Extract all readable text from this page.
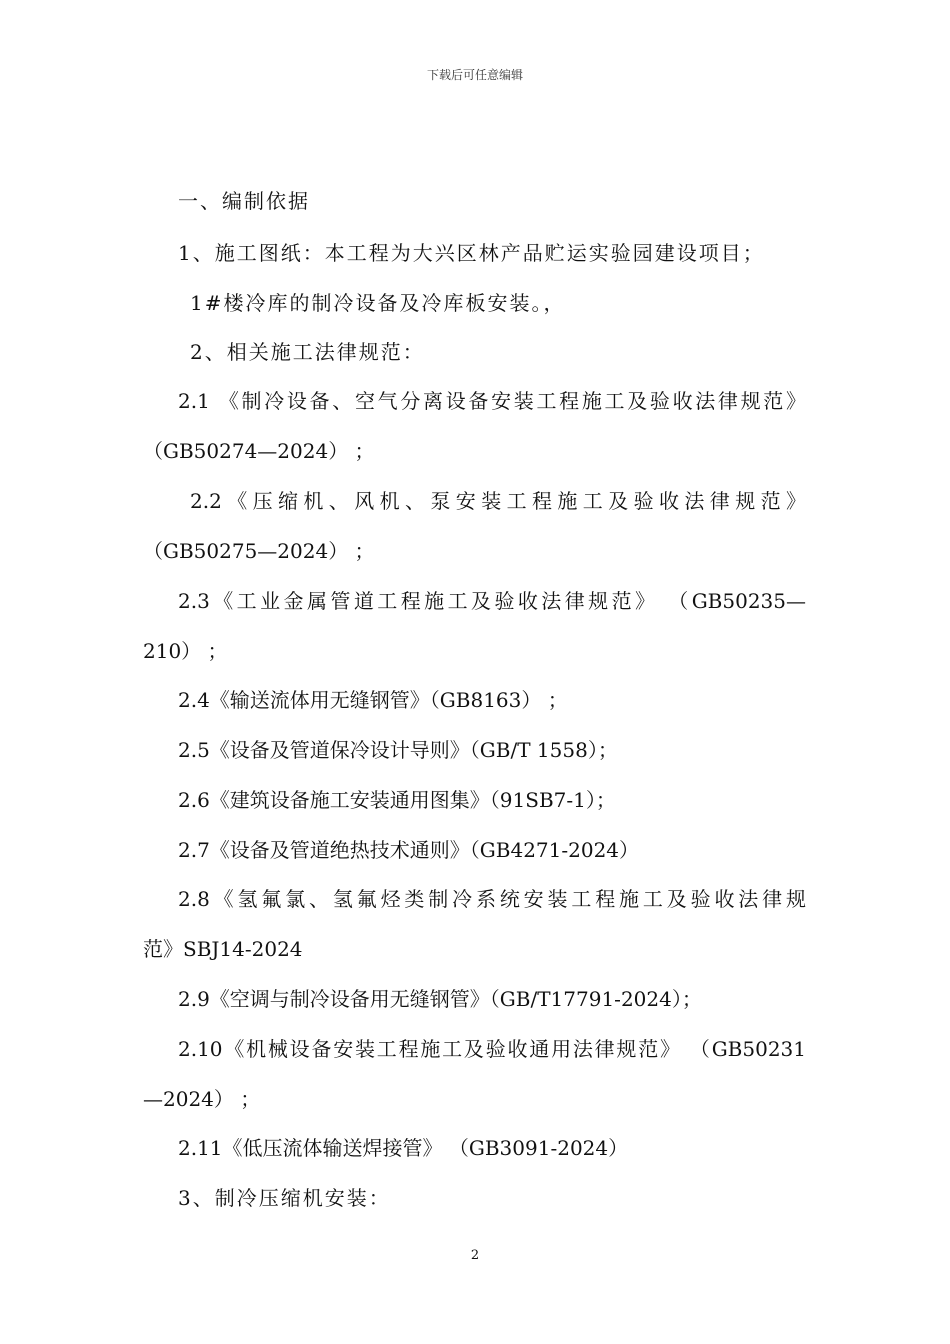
下载后可任意编辑
一、编制依据
1、施工图纸：本工程为大兴区林产品贮运实验园建设项目；
1#楼冷库的制冷设备及冷库板安装。，
2、相关施工法律规范：
2.1 《制冷设备、空气分离设备安装工程施工及验收法律规范》
（GB50274—2024） ；
2.2《压缩机、风机、泵安装工程施工及验收法律规范》
（GB50275—2024） ；
2.3《工业金属管道工程施工及验收法律规范》 （GB50235—
210） ；
2.4《输送流体用无缝钢管》（GB8163） ；
2.5《设备及管道保冷设计导则》（GB/T 1558）；
2.6《建筑设备施工安装通用图集》（91SB7-1）；
2.7《设备及管道绝热技术通则》（GB4271-2024）
2.8《氢氟氯、氢氟烃类制冷系统安装工程施工及验收法律规
范》SBJ14-2024
2.9《空调与制冷设备用无缝钢管》（GB/T17791-2024）；
2.10《机械设备安装工程施工及验收通用法律规范》 （GB50231
—2024） ；
2.11《低压流体输送焊接管》 （GB3091-2024）
3、制冷压缩机安装：
2
